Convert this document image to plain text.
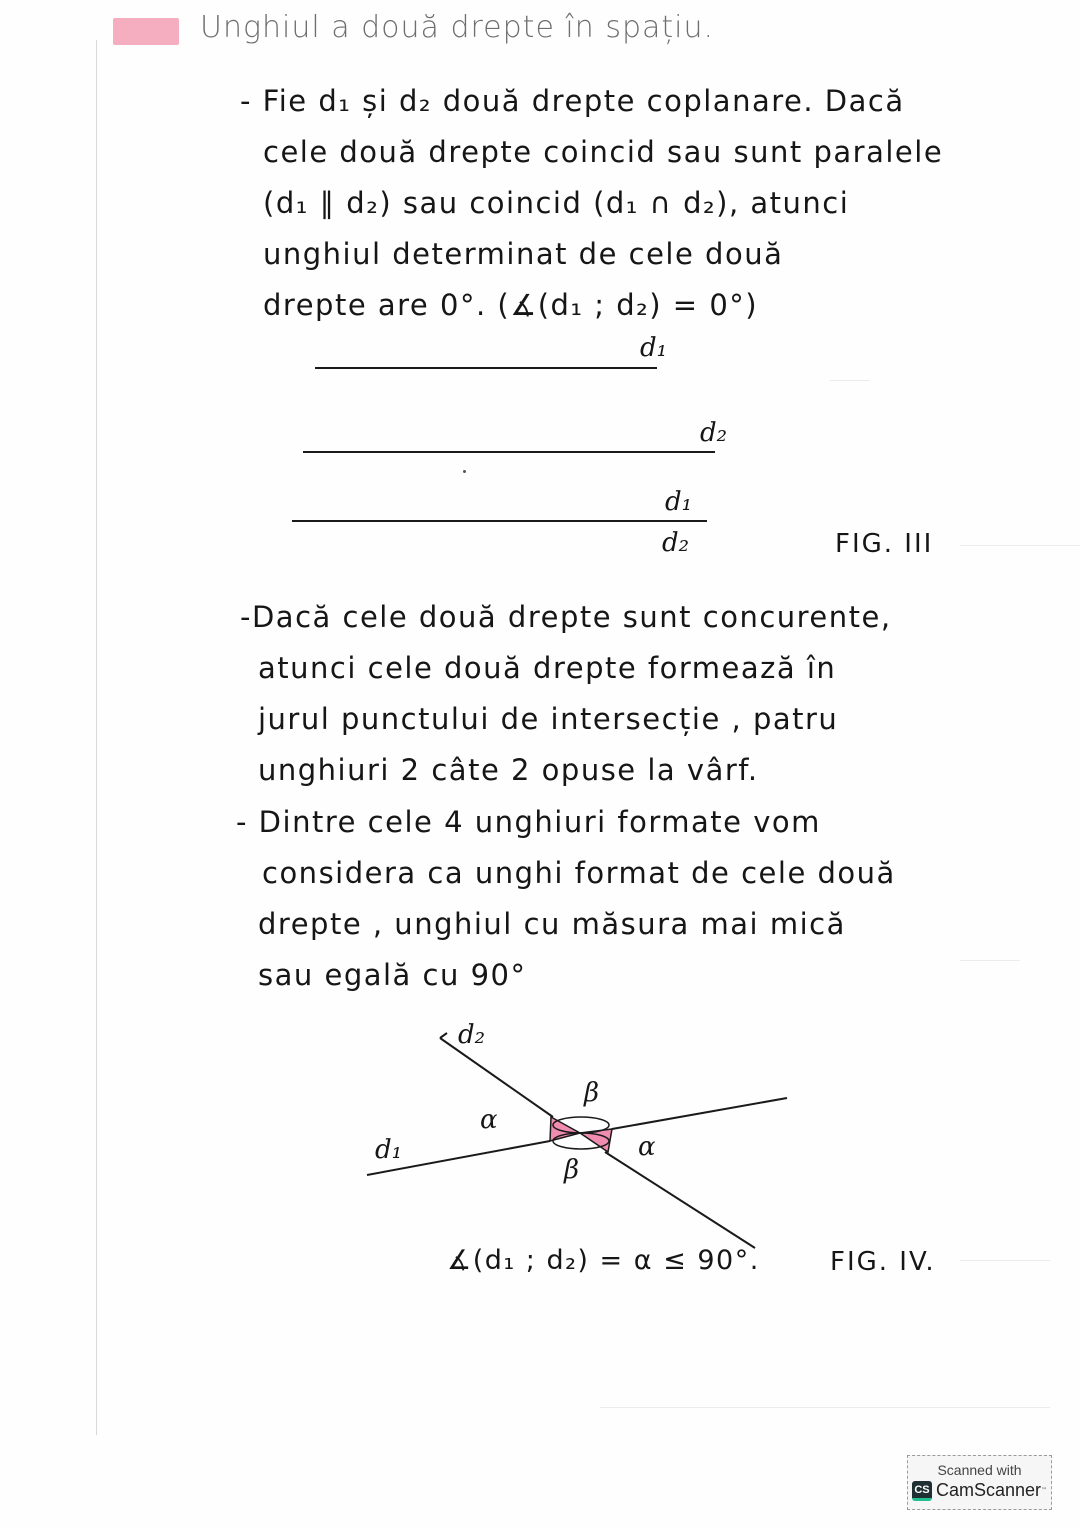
Unghiul a două drepte în spațiu.
- Fie d₁ și d₂ două drepte coplanare. Dacă
cele două drepte coincid sau sunt paralele
(d₁ ∥ d₂) sau coincid (d₁ ∩ d₂), atunci
unghiul determinat de cele două
drepte are 0°. (∡(d₁ ; d₂) = 0°)
d₁
d₂
d₁
d₂	FIG. III
-Dacă cele două drepte sunt concurente,
atunci cele două drepte formează în
jurul punctului de intersecție , patru
unghiuri 2 câte 2 opuse la vârf.
- Dintre cele 4 unghiuri formate vom
considera ca unghi format de cele două
drepte , unghiul cu măsura mai mică
sau egală cu 90°
d₁
d₂
α
α
β
β
∡(d₁ ; d₂) = α ≤ 90°.	FIG. IV.
Scanned with
CS CamScanner ™
